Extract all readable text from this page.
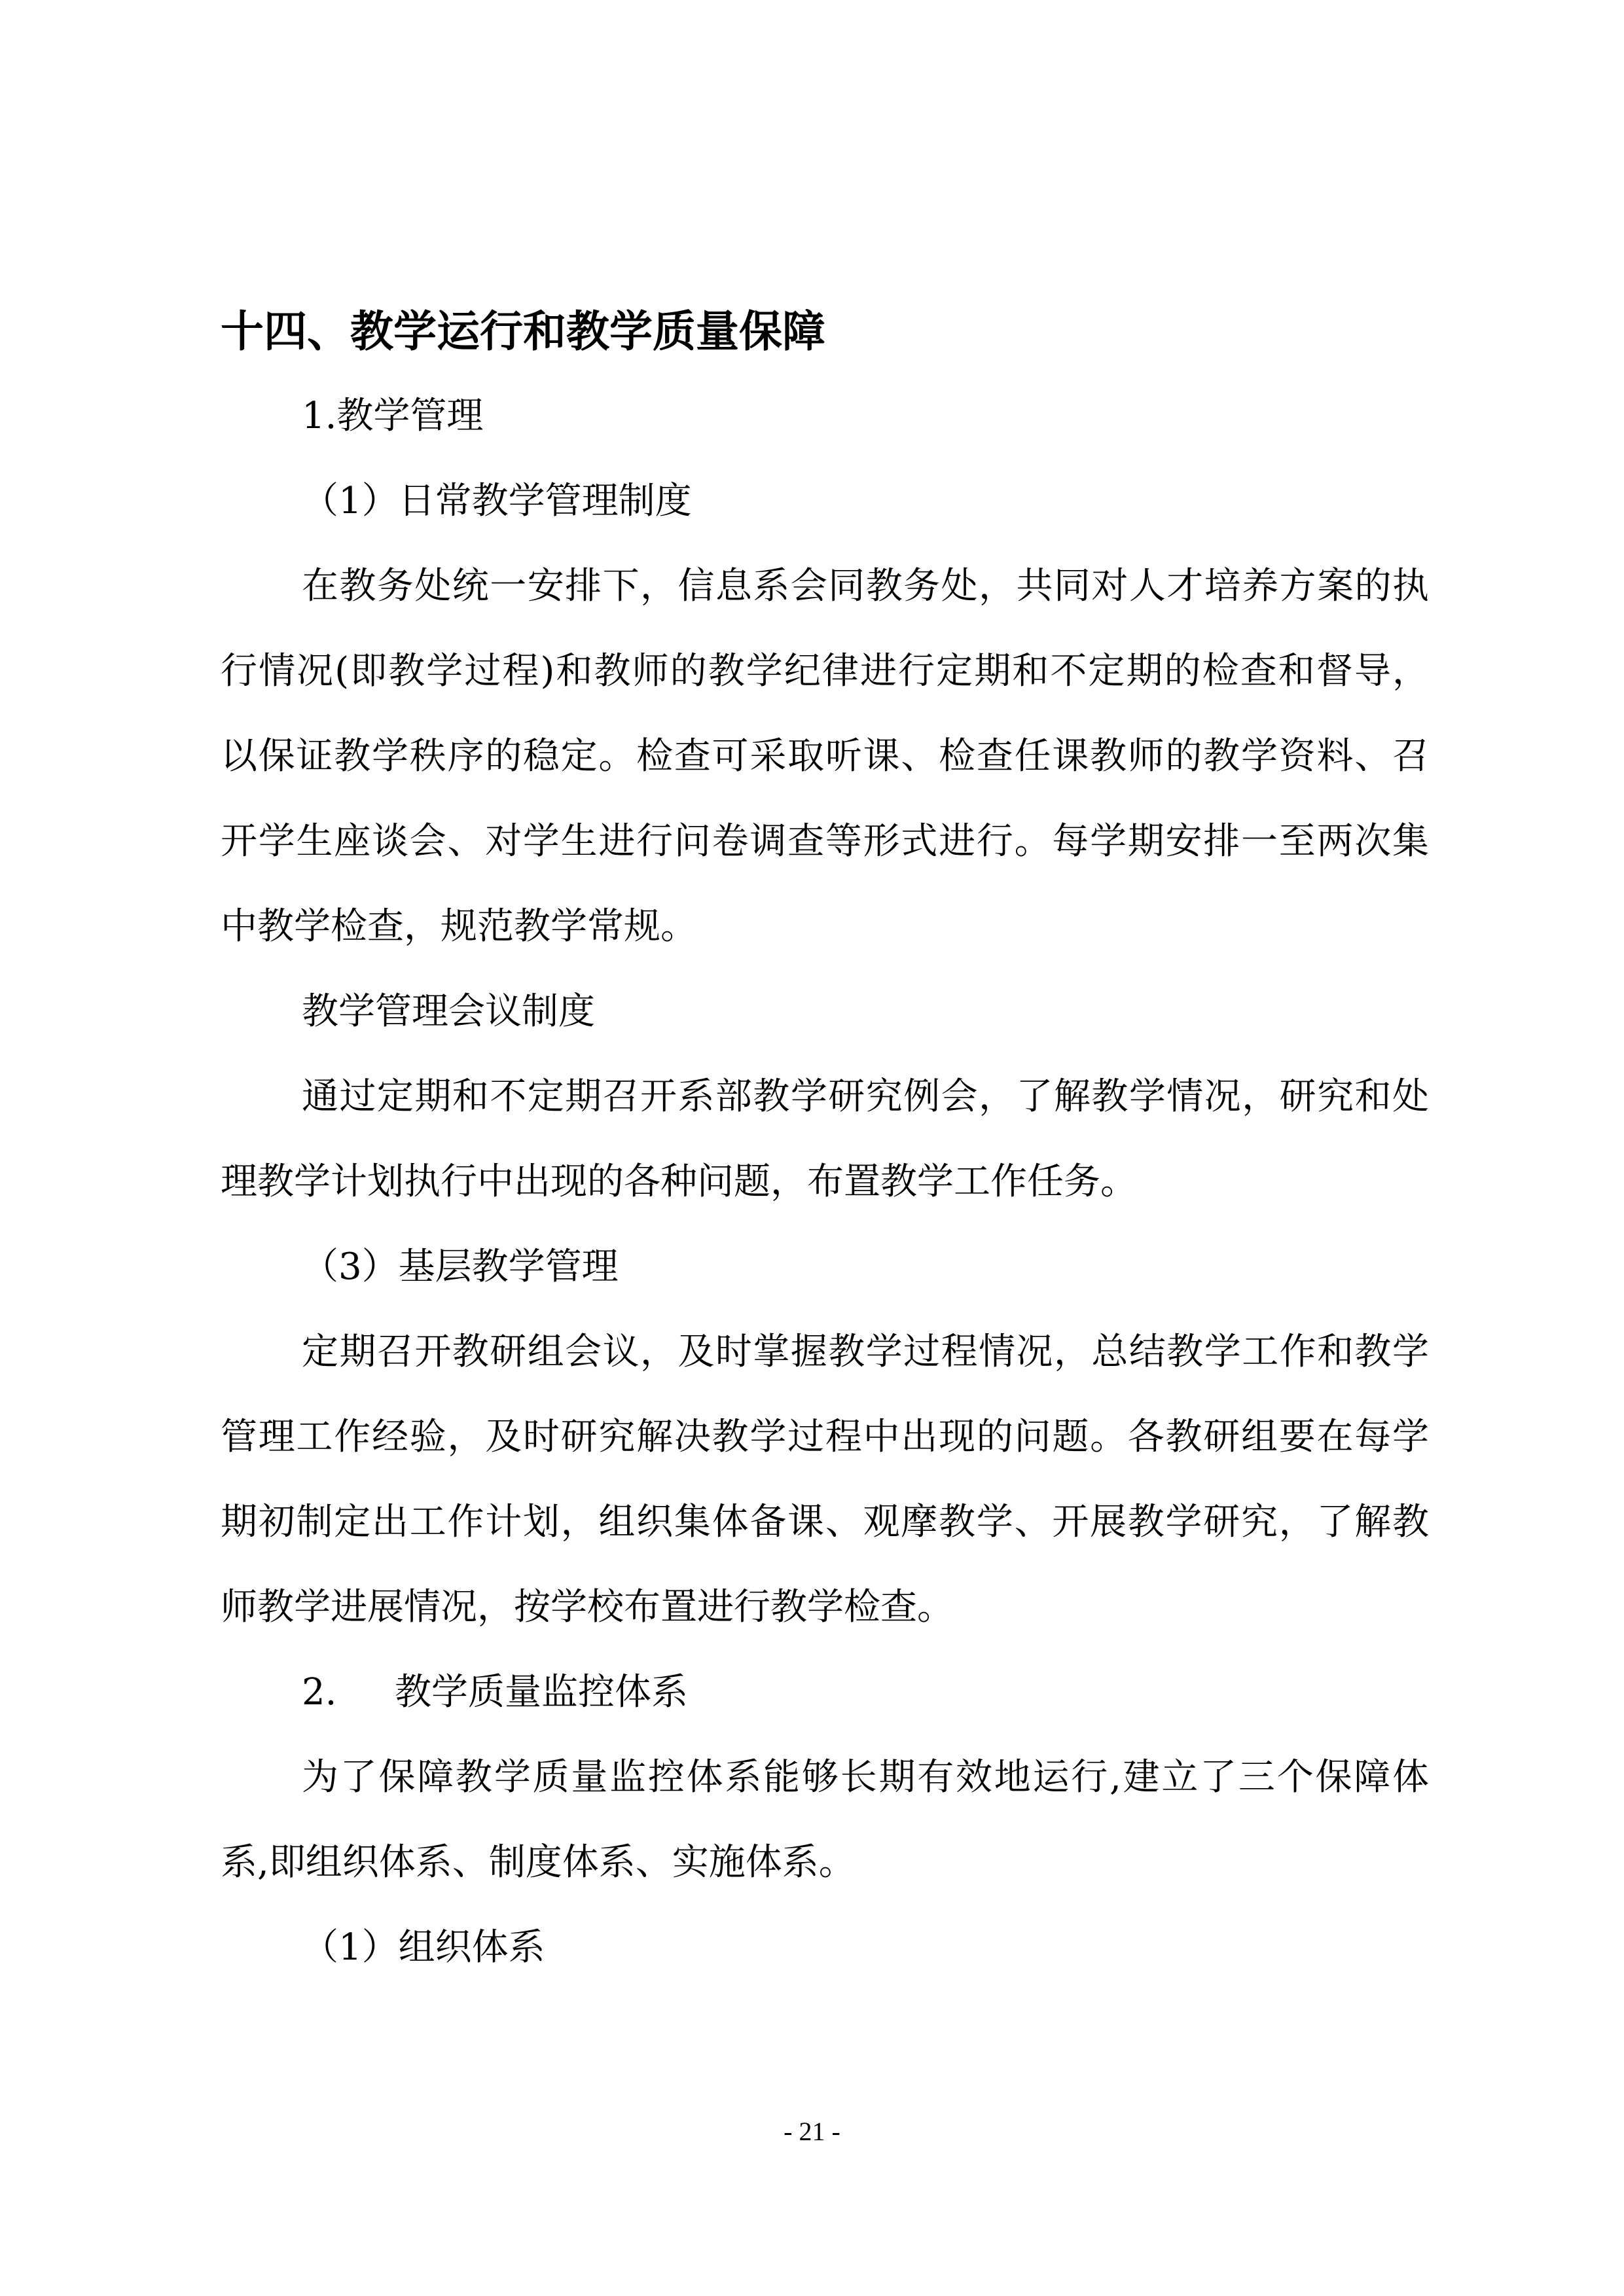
十四、教学运行和教学质量保障
1.教学管理
（1）日常教学管理制度
在教务处统一安排下，信息系会同教务处，共同对人才培养方案的执
行情况(即教学过程)和教师的教学纪律进行定期和不定期的检查和督导，
以保证教学秩序的稳定。检查可采取听课、检查任课教师的教学资料、召
开学生座谈会、对学生进行问卷调查等形式进行。每学期安排一至两次集
中教学检查，规范教学常规。
教学管理会议制度
通过定期和不定期召开系部教学研究例会，了解教学情况，研究和处
理教学计划执行中出现的各种问题，布置教学工作任务。
（3）基层教学管理
定期召开教研组会议，及时掌握教学过程情况，总结教学工作和教学
管理工作经验，及时研究解决教学过程中出现的问题。各教研组要在每学
期初制定出工作计划，组织集体备课、观摩教学、开展教学研究，了解教
师教学进展情况，按学校布置进行教学检查。
2. 教学质量监控体系
为了保障教学质量监控体系能够长期有效地运行,建立了三个保障体
系,即组织体系、制度体系、实施体系。
（1）组织体系
- 21 -
